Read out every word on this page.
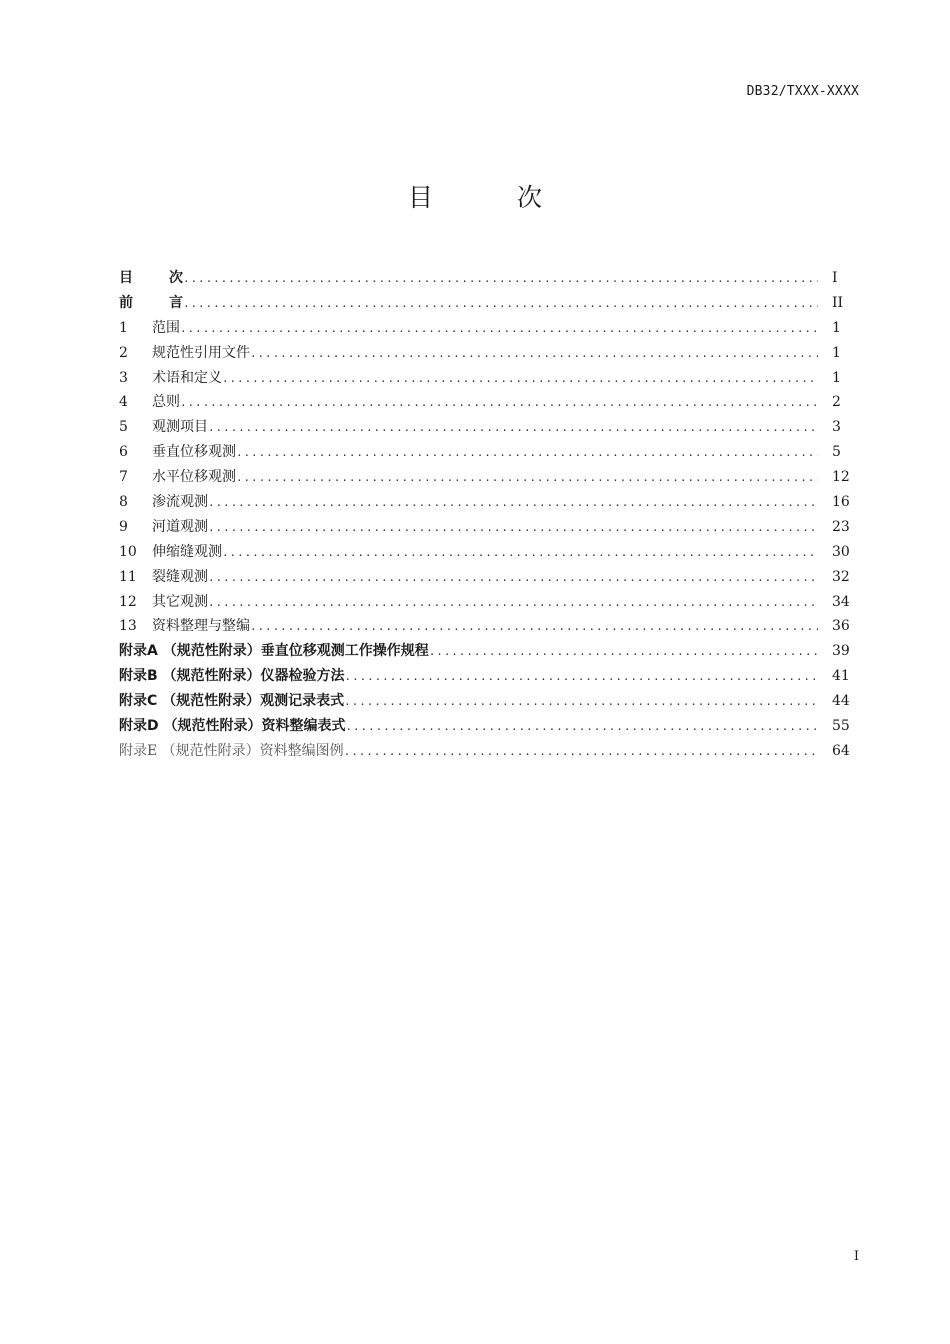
DB32/TXXX-XXXX
目 次
目	次 .....	I
前	言 .....	II
1	范围 .....	1
2	规范性引用文件 .....	1
3	术语和定义 .....	1
4	总则 .....	2
5	观测项目 .....	3
6	垂直位移观测 .....	5
7	水平位移观测 .....	12
8	渗流观测 .....	16
9	河道观测 .....	23
10	伸缩缝观测 .....	30
11	裂缝观测 .....	32
12	其它观测 .....	34
13	资料整理与整编 .....	36
附录A （规范性附录）垂直位移观测工作操作规程 .....	39
附录B （规范性附录）仪器检验方法 .....	41
附录C （规范性附录）观测记录表式 .....	44
附录D （规范性附录）资料整编表式 .....	55
附录E （规范性附录）资料整编图例 .....	64
I
